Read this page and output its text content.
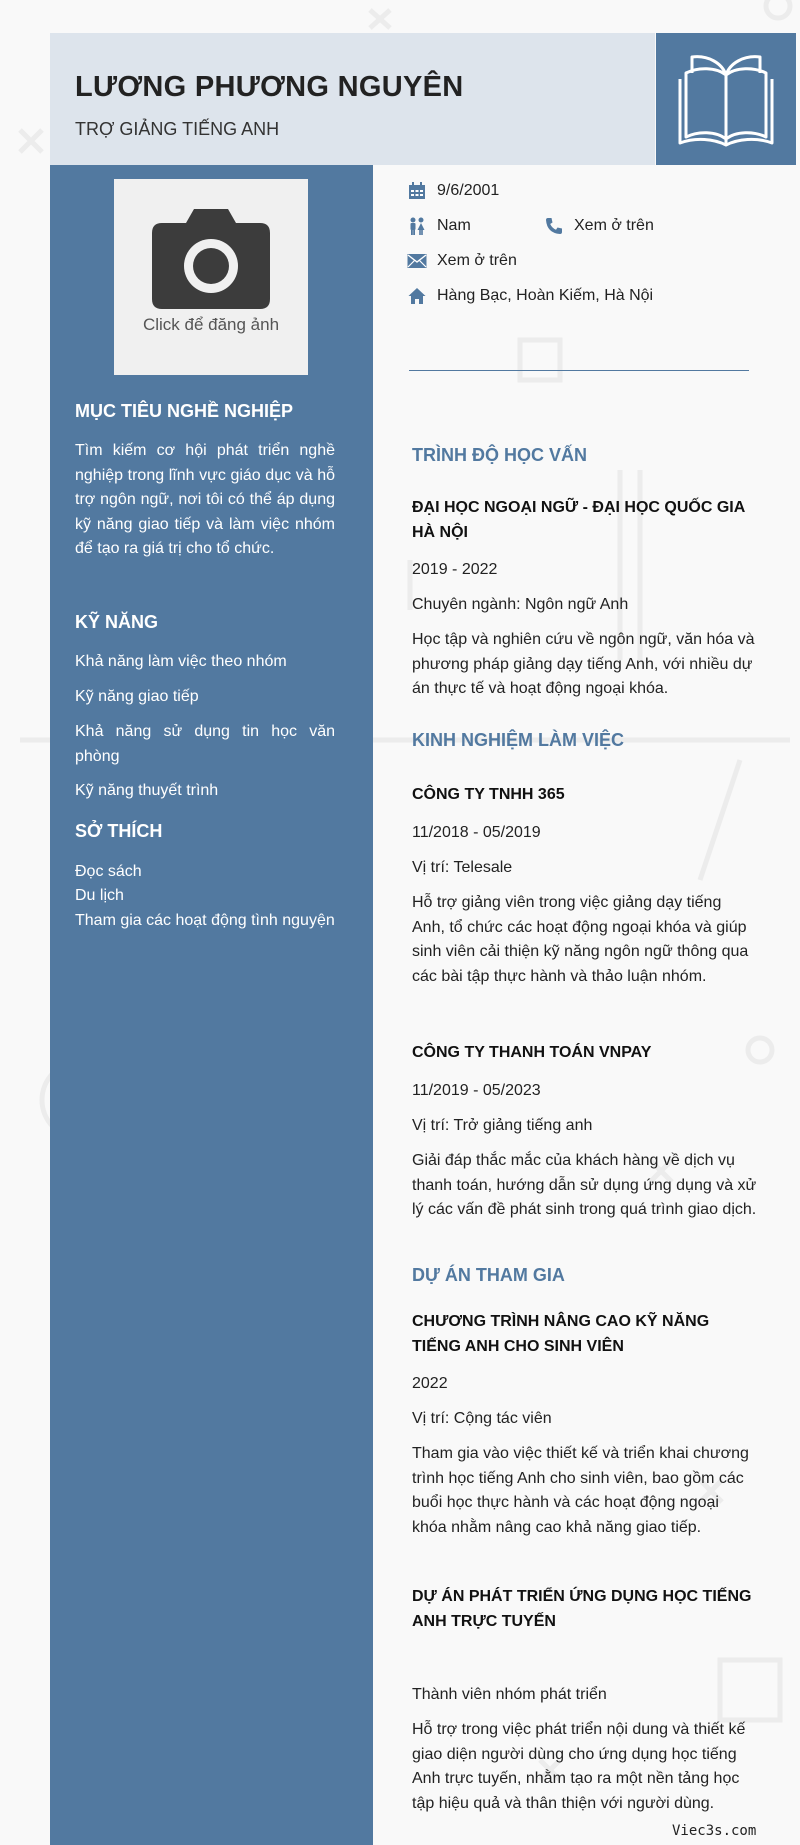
LƯƠNG PHƯƠNG NGUYÊN
TRỢ GIẢNG TIẾNG ANH
Click để đăng ảnh
MỤC TIÊU NGHỀ NGHIỆP
Tìm kiếm cơ hội phát triển nghề nghiệp trong lĩnh vực giáo dục và hỗ trợ ngôn ngữ, nơi tôi có thể áp dụng kỹ năng giao tiếp và làm việc nhóm để tạo ra giá trị cho tổ chức.
KỸ NĂNG
Khả năng làm việc theo nhóm
Kỹ năng giao tiếp
Khả năng sử dụng tin học văn phòng
Kỹ năng thuyết trình
SỞ THÍCH
Đọc sách
Du lịch
Tham gia các hoạt động tình nguyện
9/6/2001
Nam	Xem ở trên
Xem ở trên
Hàng Bạc, Hoàn Kiếm, Hà Nội
TRÌNH ĐỘ HỌC VẤN
ĐẠI HỌC NGOẠI NGỮ - ĐẠI HỌC QUỐC GIA HÀ NỘI
2019 - 2022
Chuyên ngành: Ngôn ngữ Anh
Học tập và nghiên cứu về ngôn ngữ, văn hóa và phương pháp giảng dạy tiếng Anh, với nhiều dự án thực tế và hoạt động ngoại khóa.
KINH NGHIỆM LÀM VIỆC
CÔNG TY TNHH 365
11/2018 - 05/2019
Vị trí: Telesale
Hỗ trợ giảng viên trong việc giảng dạy tiếng Anh, tổ chức các hoạt động ngoại khóa và giúp sinh viên cải thiện kỹ năng ngôn ngữ thông qua các bài tập thực hành và thảo luận nhóm.
CÔNG TY THANH TOÁN VNPAY
11/2019 - 05/2023
Vị trí: Trở giảng tiếng anh
Giải đáp thắc mắc của khách hàng về dịch vụ thanh toán, hướng dẫn sử dụng ứng dụng và xử lý các vấn đề phát sinh trong quá trình giao dịch.
DỰ ÁN THAM GIA
CHƯƠNG TRÌNH NÂNG CAO KỸ NĂNG TIẾNG ANH CHO SINH VIÊN
2022
Vị trí: Cộng tác viên
Tham gia vào việc thiết kế và triển khai chương trình học tiếng Anh cho sinh viên, bao gồm các buổi học thực hành và các hoạt động ngoại khóa nhằm nâng cao khả năng giao tiếp.
DỰ ÁN PHÁT TRIỂN ỨNG DỤNG HỌC TIẾNG ANH TRỰC TUYẾN
Thành viên nhóm phát triển
Hỗ trợ trong việc phát triển nội dung và thiết kế giao diện người dùng cho ứng dụng học tiếng Anh trực tuyến, nhằm tạo ra một nền tảng học tập hiệu quả và thân thiện với người dùng.
Viec3s.com
